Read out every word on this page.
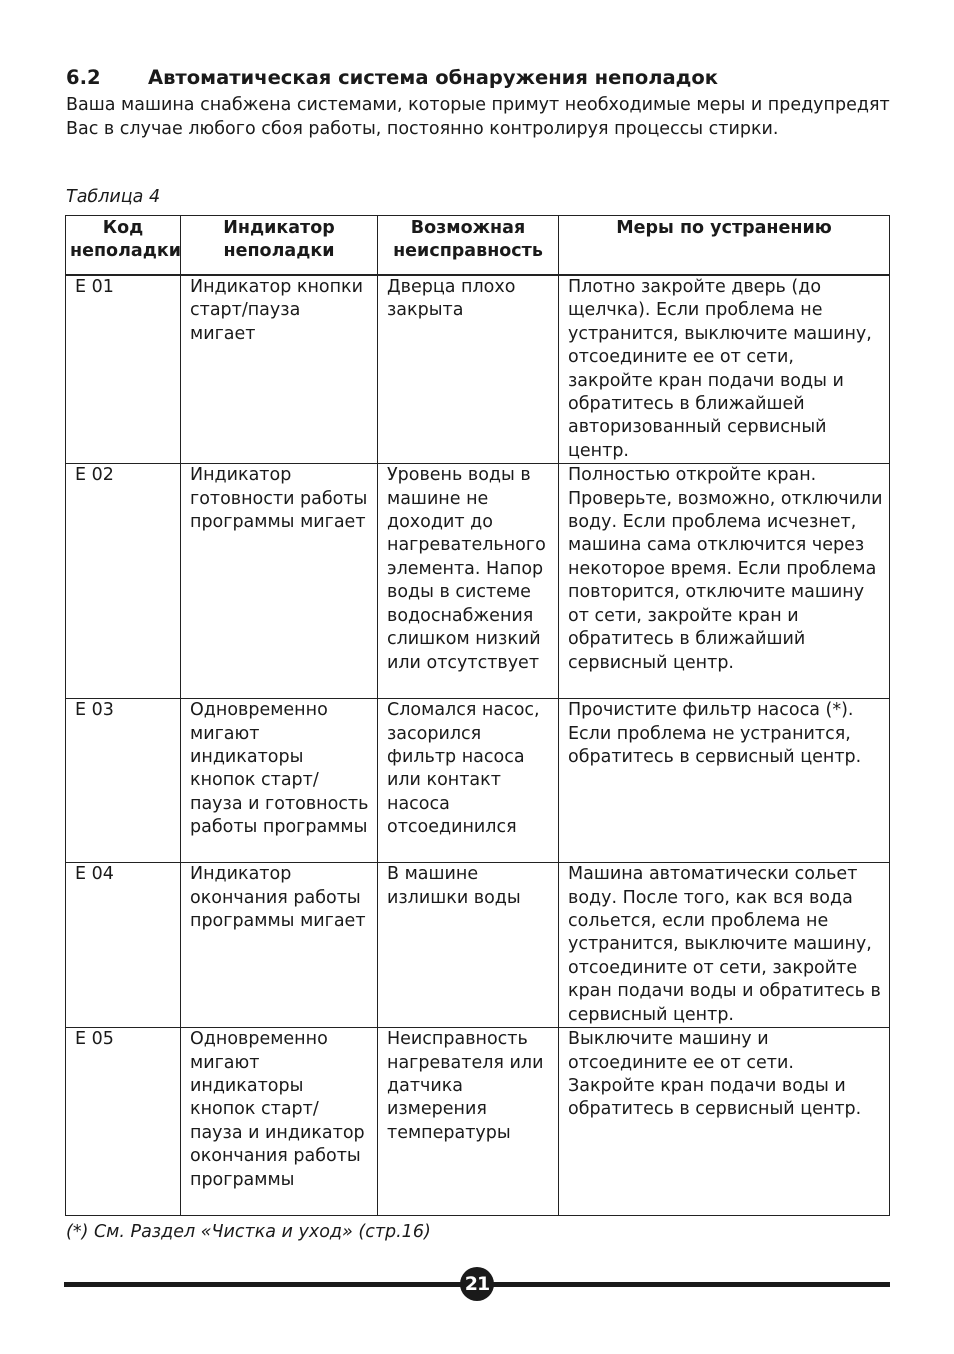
6.2 Автоматическая система обнаружения неполадок

Ваша машина снабжена системами, которые примут необходимые меры и предупредят Вас в случае любого сбоя работы, постоянно контролируя процессы стирки.

Таблица 4

Код неполадки	Индикатор неполадки	Возможная неисправность	Меры по устранению
E 01	Индикатор кнопки старт/пауза мигает	Дверца плохо закрыта	Плотно закройте дверь (до щелчка). Если проблема не устранится, выключите машину, отсоедините ее от сети, закройте кран подачи воды и обратитесь в ближайшей авторизованный сервисный центр.
E 02	Индикатор готовности работы программы мигает	Уровень воды в машине не доходит до нагревательного элемента. Напор воды в системе водоснабжения слишком низкий или отсутствует	Полностью откройте кран. Проверьте, возможно, отключили воду. Если проблема исчезнет, машина сама отключится через некоторое время. Если проблема повторится, отключите машину от сети, закройте кран и обратитесь в ближайший сервисный центр.
E 03	Одновременно мигают индикаторы кнопок старт/пауза и готовность работы программы	Сломался насос, засорился фильтр насоса или контакт насоса отсоединился	Прочистите фильтр насоса (*). Если проблема не устранится, обратитесь в сервисный центр.
E 04	Индикатор окончания работы программы мигает	В машине излишки воды	Машина автоматически сольет воду. После того, как вся вода сольется, если проблема не устранится, выключите машину, отсоедините от сети, закройте кран подачи воды и обратитесь в сервисный центр.
E 05	Одновременно мигают индикаторы кнопок старт/пауза и индикатор окончания работы программы	Неисправность нагревателя или датчика измерения температуры	Выключите машину и отсоедините ее от сети. Закройте кран подачи воды и обратитесь в сервисный центр.

(*) См. Раздел «Чистка и уход» (стр.16)

21
